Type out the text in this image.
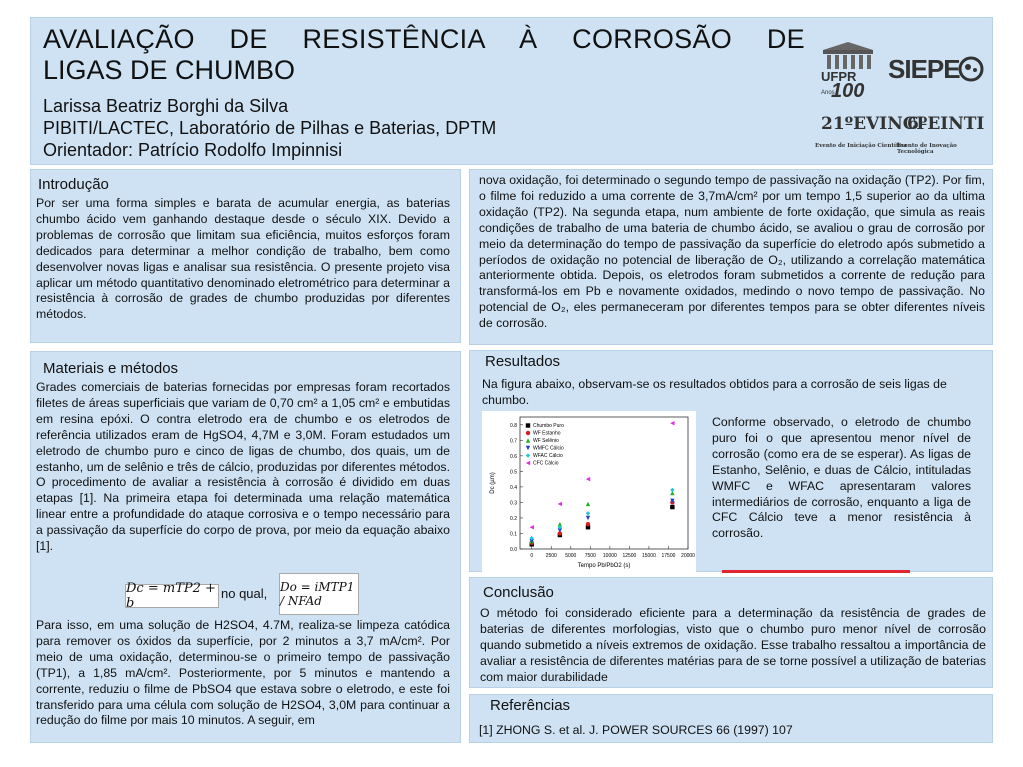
AVALIAÇÃO DE RESISTÊNCIA À CORROSÃO DE
LIGAS DE CHUMBO
Larissa Beatriz Borghi da Silva
PIBITI/LACTEC, Laboratório de Pilhas e Baterias, DPTM
Orientador: Patrício Rodolfo Impinnisi
UFPR
100
Anos
SIEPE
21ºEVINCI
6ºEINTI
Evento de Iniciação Científica
Evento de Inovação Tecnológica
Introdução
Por ser uma forma simples e barata de acumular energia, as baterias chumbo ácido vem ganhando destaque desde o século XIX. Devido a problemas de corrosão que limitam sua eficiência, muitos esforços foram dedicados para determinar a melhor condição de trabalho, bem como desenvolver novas ligas e analisar sua resistência. O presente projeto visa aplicar um método quantitativo denominado eletrométrico para determinar a resistência à corrosão de grades de chumbo produzidas por diferentes métodos.
Materiais e métodos
Grades comerciais de baterias fornecidas por empresas foram recortados filetes de áreas superficiais que variam de 0,70 cm² a 1,05 cm² e embutidas em resina epóxi. O contra eletrodo era de chumbo e os eletrodos de referência utilizados eram de HgSO4, 4,7M e 3,0M. Foram estudados um eletrodo de chumbo puro e cinco de ligas de chumbo, dos quais, um de estanho, um de selênio e três de cálcio, produzidas por diferentes métodos. O procedimento de avaliar a resistência à corrosão é dividido em duas etapas [1]. Na primeira etapa foi determinada uma relação matemática linear entre a profundidade do ataque corrosiva e o tempo necessário para a passivação da superfície do corpo de prova, por meio da equação abaixo [1].
Dc = mTP2 + b
no qual, Do = iMTP1 / NFAd
Para isso, em uma solução de H2SO4, 4.7M, realiza-se limpeza catódica para remover os óxidos da superfície, por 2 minutos a 3,7 mA/cm². Por meio de uma oxidação, determinou-se o primeiro tempo de passivação (TP1), a 1,85 mA/cm². Posteriormente, por 5 minutos e mantendo a corrente, reduziu o filme de PbSO4 que estava sobre o eletrodo, e este foi transferido para uma célula com solução de H2SO4, 3,0M para continuar a redução do filme por mais 10 minutos. A seguir, em
nova oxidação, foi determinado o segundo tempo de passivação na oxidação (TP2). Por fim, o filme foi reduzido a uma corrente de 3,7mA/cm² por um tempo 1,5 superior ao da ultima oxidação (TP2). Na segunda etapa, num ambiente de forte oxidação, que simula as reais condições de trabalho de uma bateria de chumbo ácido, se avaliou o grau de corrosão por meio da determinação do tempo de passivação da superfície do eletrodo após submetido a períodos de oxidação no potencial de liberação de O₂, utilizando a correlação matemática anteriormente obtida. Depois, os eletrodos foram submetidos a corrente de redução para transformá-los em Pb e novamente oxidados, medindo o novo tempo de passivação. No potencial de O₂, eles permaneceram por diferentes tempos para se obter diferentes níveis de corrosão.
Resultados
Na figura abaixo, observam-se os resultados obtidos para a corrosão de seis ligas de chumbo.
0.0
0.1
0.2
0.3
0.4
0.5
0.6
0.7
0.8
0	2500 5000 7500 10000 12500 15000 17500 20000
Tempo Pb/PbO2 (s)
Dc (µm)
Chumbo Puro
WF Estanho
WF Selênio
WMFC Cálcio
WFAC Cálcio
CFC Cálcio
Conforme observado, o eletrodo de chumbo puro foi o que apresentou menor nível de corrosão (como era de se esperar). As ligas de Estanho, Selênio, e duas de Cálcio, intituladas WMFC e WFAC apresentaram valores intermediários de corrosão, enquanto a liga de CFC Cálcio teve a menor resistência à corrosão.
Conclusão
O método foi considerado eficiente para a determinação da resistência de grades de baterias de diferentes morfologias, visto que o chumbo puro menor nível de corrosão quando submetido a níveis extremos de oxidação. Esse trabalho ressaltou a importância de avaliar a resistência de diferentes matérias para de se torne possível a utilização de baterias com maior durabilidade
Referências
[1] ZHONG S. et al. J. POWER SOURCES 66 (1997) 107
